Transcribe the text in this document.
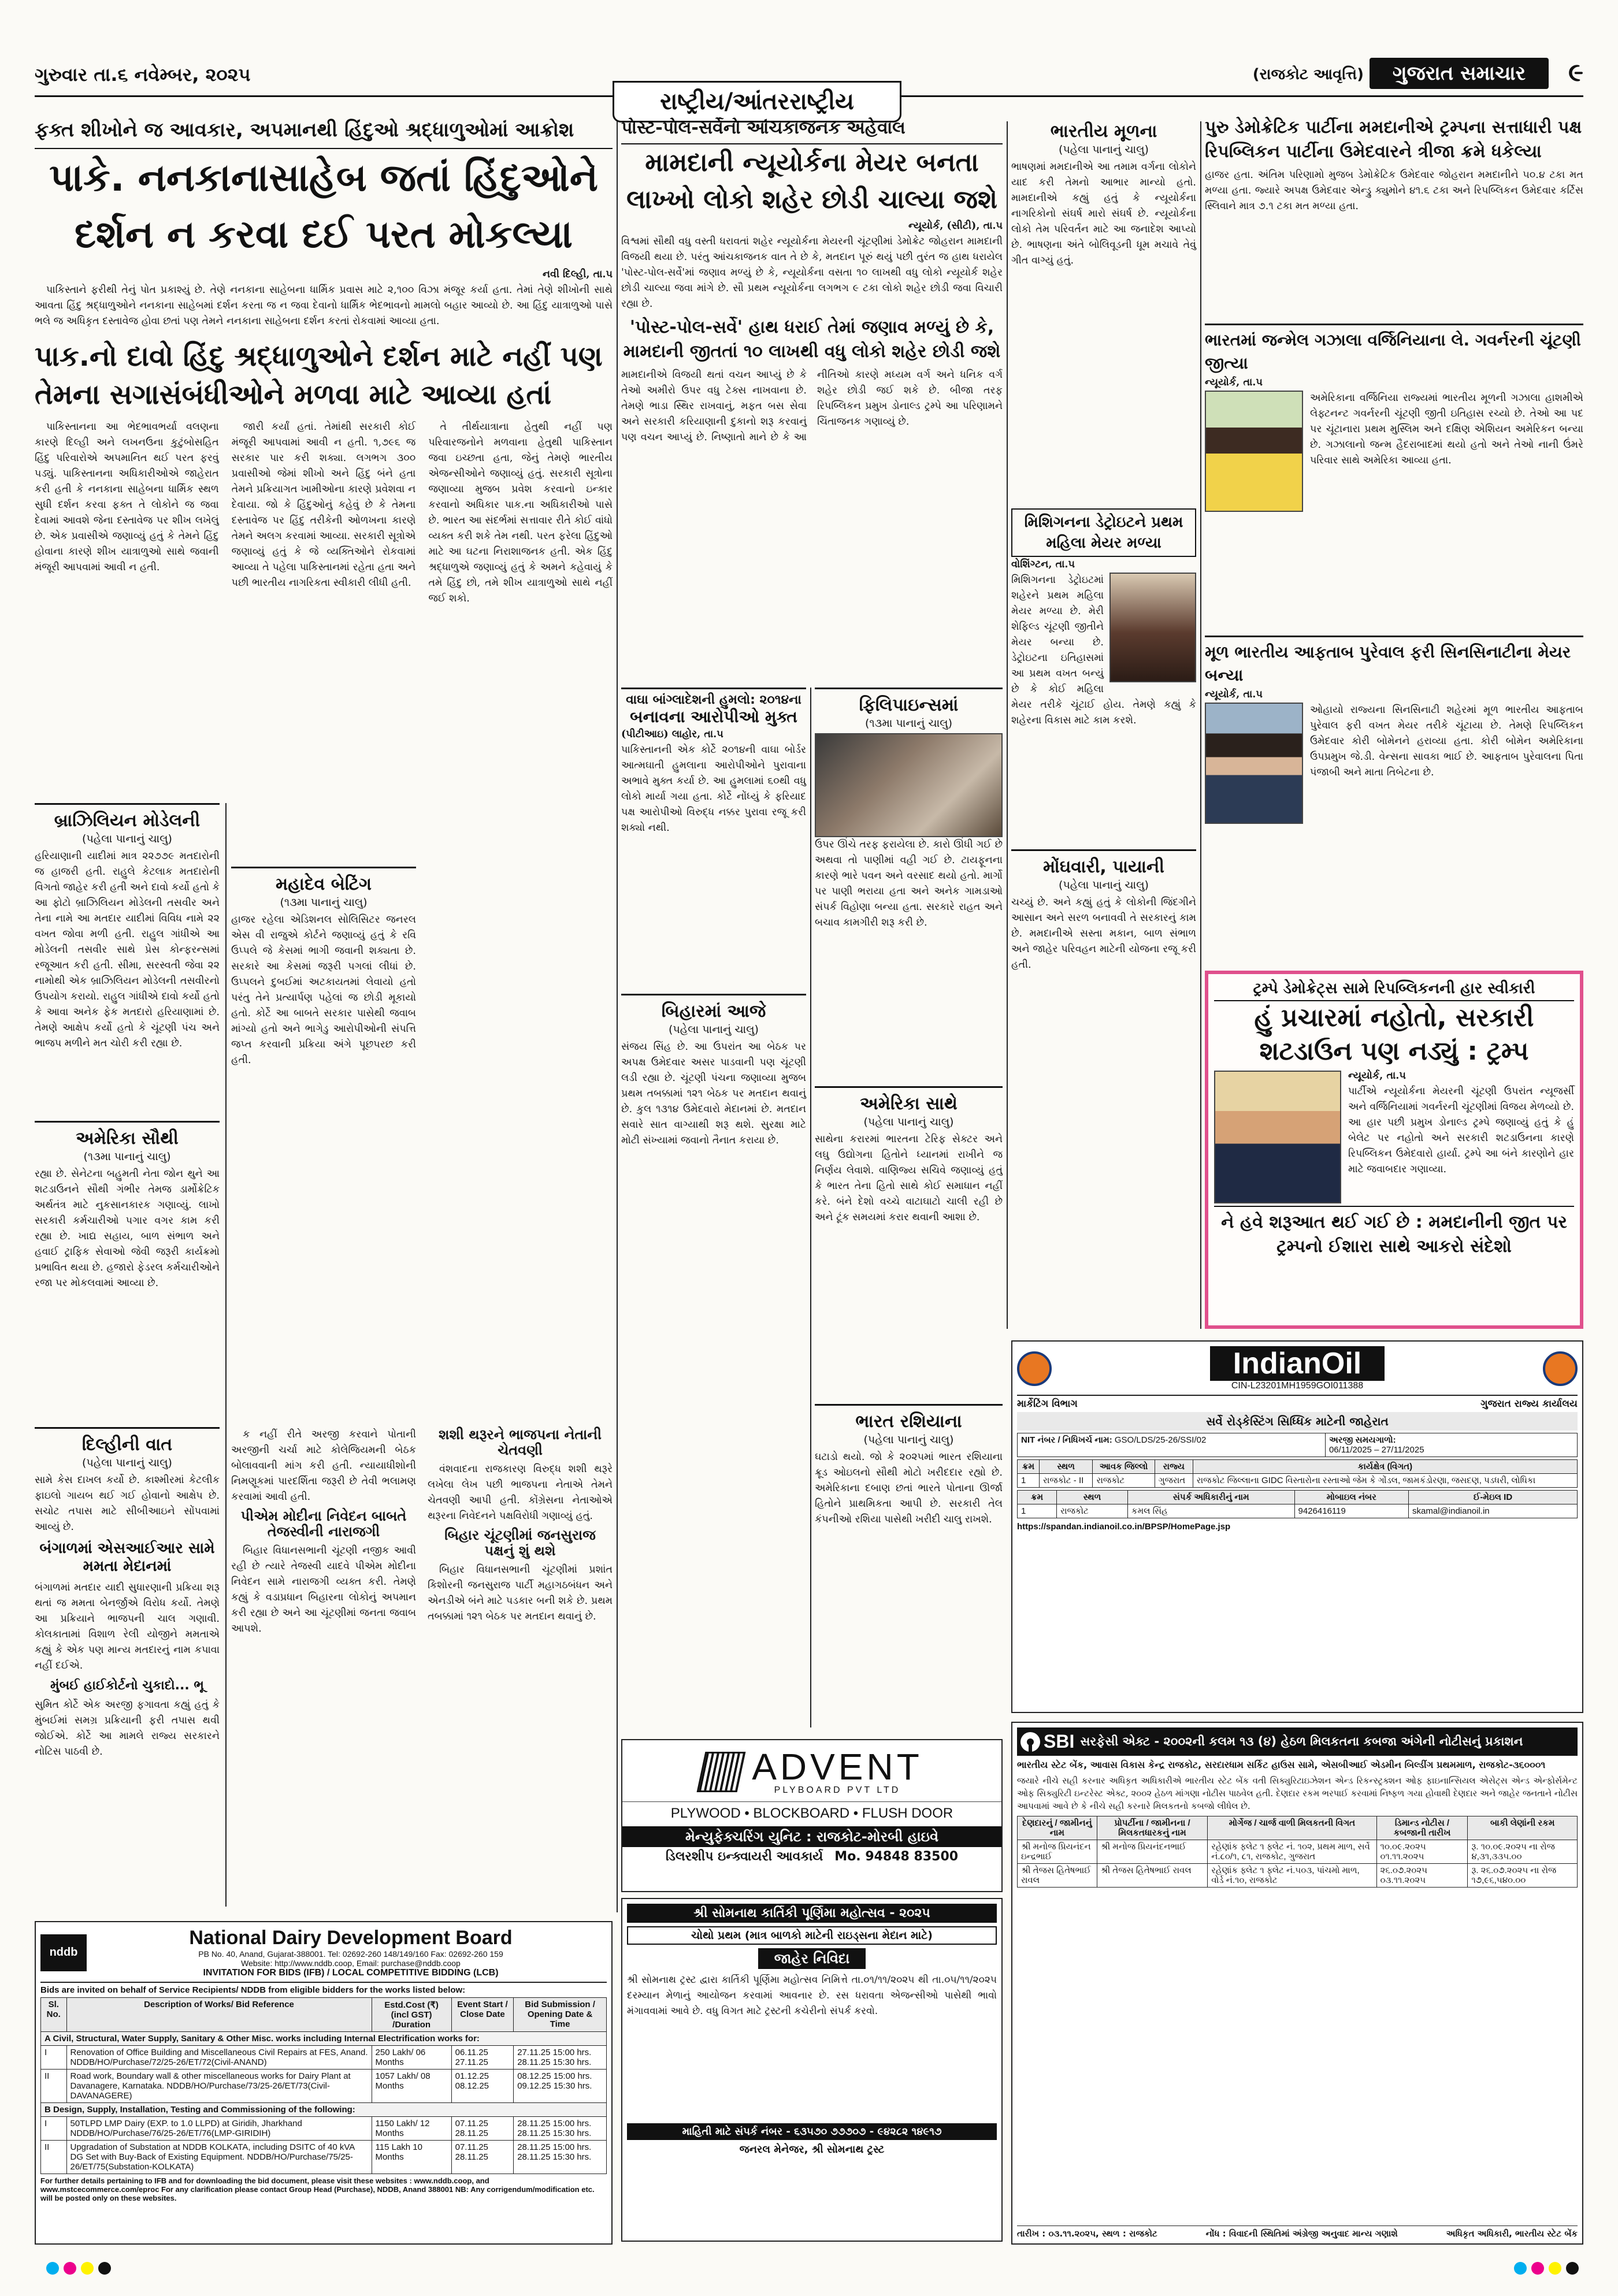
ગુરુવાર તા.૬ નવેમ્બર, ૨૦૨૫	(રાજકોટ આવૃત્તિ) ગુજરાત સમાચાર ૯
રાષ્ટ્રીય/આંતરરાષ્ટ્રીય
ફક્ત શીખોને જ આવકાર, અપમાનથી હિંદુઓ શ્રદ્ધાળુઓમાં આક્રોશ
પાકે. નનકાનાસાહેબ જતાં હિંદુઓને
દર્શન ન કરવા દઈ પરત મોકલ્યા
નવી દિલ્હી, તા.૫

પાકિસ્તાને ફરીથી તેનું પોત પ્રકાશ્યું છે. તેણે નનકાના સાહેબના ધાર્મિક પ્રવાસ માટે ૨,૧૦૦ વિઝા મંજૂર કર્યા હતા. તેમાં તેણે શીખોની સાથે આવતા હિંદુ શ્રદ્ધાળુઓને નનકાના સાહેબમાં દર્શન કરતા જ ન જવા દેવાનો ધાર્મિક ભેદભાવનો મામલો બહાર આવ્યો છે. આ હિંદુ યાત્રાળુઓ પાસે ભલે જ અધિકૃત દસ્તાવેજ હોવા છતાં પણ તેમને નનકાના સાહેબના દર્શન કરતાં રોકવામાં આવ્યા હતા.

પાક.નો દાવો હિંદુ શ્રદ્ધાળુઓને દર્શન માટે નહીં પણ તેમના સગાસંબંધીઓને મળવા માટે આવ્યા હતાં

પાકિસ્તાનના આ ભેદભાવભર્યા વલણના કારણે દિલ્હી અને લખનઉના કુટુંબોસહિત હિંદુ પરિવારોએ અપમાનિત થઈ પરત ફરવું પડ્યું. પાકિસ્તાનના અધિકારીઓએ જાહેરાત કરી હતી કે નનકાના સાહેબના ધાર્મિક સ્થળ સુધી દર્શન કરવા ફક્ત તે લોકોને જ જવા દેવામાં આવશે જેના દસ્તાવેજ પર શીખ લખેલું છે. એક પ્રવાસીએ જણાવ્યું હતું કે તેમને હિંદુ હોવાના કારણે શીખ યાત્રાળુઓ સાથે જવાની મંજૂરી આપવામાં આવી ન હતી.

જારી કર્યાં હતાં. તેમાંથી સરકારી કોઈ મંજૂરી આપવામાં આવી ન હતી. ૧,૭૯૬ જ સરકાર પાર કરી શક્યા. લગભગ ૩૦૦ પ્રવાસીઓ જેમાં શીખો અને હિંદુ બંને હતા તેમને પ્રક્રિયાગત ખામીઓના કારણે પ્રવેશવા ન દેવાયા. જો કે હિંદુઓનું કહેવું છે કે તેમના દસ્તાવેજ પર હિંદુ તરીકેની ઓળખના કારણે તેમને અલગ કરવામાં આવ્યા. સરકારી સૂત્રોએ જણાવ્યું હતું કે જે વ્યક્તિઓને રોકવામાં આવ્યા તે પહેલા પાકિસ્તાનમાં રહેતા હતા અને પછી ભારતીય નાગરિકતા સ્વીકારી લીધી હતી.

તે તીર્થયાત્રાના હેતુથી નહીં પણ પરિવારજનોને મળવાના હેતુથી પાકિસ્તાન જવા ઇચ્છતા હતા, જેનું તેમણે ભારતીય એજન્સીઓને જણાવ્યું હતું. સરકારી સૂત્રોના જણાવ્યા મુજબ પ્રવેશ કરવાનો ઇન્કાર કરવાનો અધિકાર પાક.ના અધિકારીઓ પાસે છે. ભારત આ સંદર્ભમાં સત્તાવાર રીતે કોઈ વાંધો વ્યક્ત કરી શકે તેમ નથી. પરત ફરેલા હિંદુઓ માટે આ ઘટના નિરાશાજનક હતી. એક હિંદુ શ્રદ્ધાળુએ જણાવ્યું હતું કે અમને કહેવાયું કે તમે હિંદુ છો, તમે શીખ યાત્રાળુઓ સાથે નહીં જઈ શકો.

બ્રાઝિલિયન મોડેલની
(પહેલા પાનાનું ચાલુ)

હરિયાણાની યાદીમાં માત્ર ૨૨૭૭૯ મતદારોની જ હાજરી હતી. રાહુલે કેટલાક મતદારોની વિગતો જાહેર કરી હતી અને દાવો કર્યો હતો કે આ ફોટો બ્રાઝિલિયન મોડેલની તસવીર અને તેના નામે આ મતદાર યાદીમાં વિવિધ નામે ૨૨ વખત જોવા મળી હતી. રાહુલ ગાંધીએ આ મોડેલની તસવીર સાથે પ્રેસ કોન્ફરન્સમાં રજૂઆત કરી હતી. સીમા, સરસ્વતી જેવા ૨૨ નામોથી એક બ્રાઝિલિયન મોડેલની તસવીરનો ઉપયોગ કરાયો. રાહુલ ગાંધીએ દાવો કર્યો હતો કે આવા અનેક ફેક મતદારો હરિયાણામાં છે. તેમણે આક્ષેપ કર્યો હતો કે ચૂંટણી પંચ અને ભાજપ મળીને મત ચોરી કરી રહ્યા છે.

મહાદેવ બેટિંગ
(૧૩મા પાનાનું ચાલુ)

હાજર રહેલા એડિશનલ સોલિસિટર જનરલ એસ વી રાજુએ કોર્ટને જણાવ્યું હતું કે રવિ ઉપ્પલે જે કેસમાં ભાગી જવાની શક્યતા છે. સરકારે આ કેસમાં જરૂરી પગલાં લીધાં છે. ઉપ્પલને દુબઈમાં અટકાયતમાં લેવાયો હતો પરંતુ તેને પ્રત્યાર્પણ પહેલાં જ છોડી મૂકાયો હતો. કોર્ટે આ બાબતે સરકાર પાસેથી જવાબ માંગ્યો હતો અને ભાગેડુ આરોપીઓની સંપત્તિ જપ્ત કરવાની પ્રક્રિયા અંગે પૂછપરછ કરી હતી.

અમેરિકા સૌથી
(૧૩મા પાનાનું ચાલુ)

રહ્યા છે. સેનેટના બહુમતી નેતા જોન થુને આ શટડાઉનને સૌથી ગંભીર તેમજ ડાર્મોક્રેટિક અર્થતંત્ર માટે નુકસાનકારક ગણાવ્યું. લાખો સરકારી કર્મચારીઓ પગાર વગર કામ કરી રહ્યા છે. ખાદ્ય સહાય, બાળ સંભાળ અને હવાઈ ટ્રાફિક સેવાઓ જેવી જરૂરી કાર્યક્રમો પ્રભાવિત થયા છે. હજારો ફેડરલ કર્મચારીઓને રજા પર મોકલવામાં આવ્યા છે.

દિલ્હીની વાત
(પહેલા પાનાનું ચાલુ)

સામે કેસ દાખલ કર્યો છે. કાશ્મીરમાં કેટલીક ફાઇલો ગાયબ થઈ ગઈ હોવાનો આક્ષેપ છે. સચોટ તપાસ માટે સીબીઆઇને સોંપવામાં આવ્યું છે.

બંગાળમાં એસઆઈઆર સામે મમતા મેદાનમાં

બંગાળમાં મતદાર યાદી સુધારણાની પ્રક્રિયા શરૂ થતાં જ મમતા બેનર્જીએ વિરોધ કર્યો. તેમણે આ પ્રક્રિયાને ભાજપની ચાલ ગણાવી. કોલકાતામાં વિશાળ રેલી યોજીને મમતાએ કહ્યું કે એક પણ માન્ય મતદારનું નામ કપાવા નહીં દઈએ.

મુંબઈ હાઈકોર્ટનો ચુકાદો... ભૂ

સુમિત કોર્ટે એક અરજી ફગાવતા કહ્યું હતું કે મુંબઈમાં સમગ્ર પ્રક્રિયાની ફરી તપાસ થવી જોઈએ. કોર્ટે આ મામલે રાજ્ય સરકારને નોટિસ પાઠવી છે.

ક નહીં રીતે અરજી કરવાને પોતાની અરજીની ચર્ચા માટે કોલેજિયમની બેઠક બોલાવવાની માંગ કરી હતી. ન્યાયાધીશોની નિમણૂકમાં પારદર્શિતા જરૂરી છે તેવી ભલામણ કરવામાં આવી હતી.

પીએમ મોદીના નિવેદન બાબતે તેજસ્વીની નારાજગી

બિહાર વિધાનસભાની ચૂંટણી નજીક આવી રહી છે ત્યારે તેજસ્વી યાદવે પીએમ મોદીના નિવેદન સામે નારાજગી વ્યક્ત કરી. તેમણે કહ્યું કે વડાપ્રધાન બિહારના લોકોનું અપમાન કરી રહ્યા છે અને આ ચૂંટણીમાં જનતા જવાબ આપશે.

શશી થરૂરને ભાજપના નેતાની ચેતવણી

વંશવાદના રાજકારણ વિરુદ્ધ શશી થરૂરે લખેલા લેખ પછી ભાજપના નેતાએ તેમને ચેતવણી આપી હતી. કોંગ્રેસના નેતાઓએ થરૂરના નિવેદનને પક્ષવિરોધી ગણાવ્યું હતું.

બિહાર ચૂંટણીમાં જનસુરાજ પક્ષનું શું થશે

બિહાર વિધાનસભાની ચૂંટણીમાં પ્રશાંત કિશોરની જનસુરાજ પાર્ટી મહાગઠબંધન અને એનડીએ બંને માટે પડકાર બની શકે છે. પ્રથમ તબક્કામાં ૧૨૧ બેઠક પર મતદાન થવાનું છે.

nddb
National Dairy Development Board
PB No. 40, Anand, Gujarat-388001. Tel: 02692-260 148/149/160 Fax: 02692-260 159
Website: http://www.nddb.coop, Email: purchase@nddb.coop
INVITATION FOR BIDS (IFB) / LOCAL COMPETITIVE BIDDING (LCB)
Bids are invited on behalf of Service Recipients/ NDDB from eligible bidders for the works listed below:
Sl. No.	Description of Works/ Bid Reference	Estd.Cost (₹) (incl GST) /Duration	Event Start / Close Date	Bid Submission / Opening Date & Time
A Civil, Structural, Water Supply, Sanitary & Other Misc. works including Internal Electrification works for:				
I	Renovation of Office Building and Miscellaneous Civil Repairs at FES, Anand. NDDB/HO/Purchase/72/25-26/ET/72(Civil-ANAND)	250 Lakh/ 06 Months	06.11.25 27.11.25	27.11.25 15:00 hrs. 28.11.25 15:30 hrs.
II	Road work, Boundary wall & other miscellaneous works for Dairy Plant at Davanagere, Karnataka. NDDB/HO/Purchase/73/25-26/ET/73(Civil-DAVANAGERE)	1057 Lakh/ 08 Months	01.12.25 08.12.25	08.12.25 15:00 hrs. 09.12.25 15:30 hrs.
B Design, Supply, Installation, Testing and Commissioning of the following:				
I	50TLPD LMP Dairy (EXP. to 1.0 LLPD) at Giridih, Jharkhand NDDB/HO/Purchase/76/25-26/ET/76(LMP-GIRIDIH)	1150 Lakh/ 12 Months	07.11.25 28.11.25	28.11.25 15:00 hrs. 28.11.25 15:30 hrs.
II	Upgradation of Substation at NDDB KOLKATA, including DSITC of 40 kVA DG Set with Buy-Back of Existing Equipment. NDDB/HO/Purchase/75/25-26/ET/75(Substation-KOLKATA)	115 Lakh 10 Months	07.11.25 28.11.25	28.11.25 15:00 hrs. 28.11.25 15:30 hrs.
For further details pertaining to IFB and for downloading the bid document, please visit these websites : www.nddb.coop, and www.mstcecommerce.com/eproc For any clarification please contact Group Head (Purchase), NDDB, Anand 388001 NB: Any corrigendum/modification etc. will be posted only on these websites.
પોસ્ટ-પોલ-સર્વેનો આંચકાજનક અહેવાલ
મામદાની ન્યૂયોર્કના મેયર બનતા લાખ્ખો લોકો શહેર છોડી ચાલ્યા જશે
ન્યૂયોર્ક, (સીટી), તા.૫

વિશ્વમાં સૌથી વધુ વસ્તી ધરાવતાં શહેર ન્યૂયોર્કના મેયરની ચૂંટણીમાં ડેમોક્રેટ જોહરાન મામદાની વિજયી થયા છે. પરંતુ આંચકાજનક વાત તે છે કે, મતદાન પૂરું થયું પછી તુરંત જ હાથ ધરાયેલ 'પોસ્ટ-પોલ-સર્વે'માં જણાવ મળ્યું છે કે, ન્યૂયોર્કના વસતા ૧૦ લાખથી વધુ લોકો ન્યૂયોર્ક શહેર છોડી ચાલ્યા જવા માંગે છે. સૌ પ્રથમ ન્યૂયોર્કના લગભગ ૯ ટકા લોકો શહેર છોડી જવા વિચારી રહ્યા છે.

'પોસ્ટ-પોલ-સર્વે' હાથ ધરાઈ તેમાં જણાવ મળ્યું છે કે, મામદાની જીતતાં ૧૦ લાખથી વધુ લોકો શહેર છોડી જશે

મામદાનીએ વિજયી થતાં વચન આપ્યું છે કે તેઓ અમીરો ઉપર વધુ ટેક્સ નાખવાના છે. તેમણે ભાડા સ્થિર રાખવાનું, મફત બસ સેવા અને સરકારી કરિયાણાની દુકાનો શરૂ કરવાનું પણ વચન આપ્યું છે. નિષ્ણાતો માને છે કે આ નીતિઓ કારણે મધ્યમ વર્ગ અને ધનિક વર્ગ શહેર છોડી જઈ શકે છે. બીજા તરફ રિપબ્લિકન પ્રમુખ ડોનાલ્ડ ટ્રમ્પે આ પરિણામને ચિંતાજનક ગણાવ્યું છે.

વાઘા બાંગ્લાદેશની હુમલો: ૨૦૧૪ના
બનાવના આરોપીઓ મુક્ત
(પીટીઆઇ) લાહોર, તા.૫

પાકિસ્તાનની એક કોર્ટે ૨૦૧૪ની વાઘા બોર્ડર આત્મઘાતી હુમલાના આરોપીઓને પુરાવાના અભાવે મુક્ત કર્યા છે. આ હુમલામાં ૬૦થી વધુ લોકો માર્યા ગયા હતા. કોર્ટે નોંધ્યું કે ફરિયાદ પક્ષ આરોપીઓ વિરુદ્ધ નક્કર પુરાવા રજૂ કરી શક્યો નથી.

ફિલિપાઇન્સમાં
(૧૩મા પાનાનું ચાલુ)

ઉપર ઊંચે તરફ ફરાયેલા છે. કારો ઊંધી ગઈ છે અથવા તો પાણીમાં વહી ગઈ છે. ટાયફૂનના કારણે ભારે પવન અને વરસાદ થયો હતો. માર્ગો પર પાણી ભરાયા હતા અને અનેક ગામડાઓ સંપર્ક વિહોણા બન્યા હતા. સરકારે રાહત અને બચાવ કામગીરી શરૂ કરી છે.

બિહારમાં આજે
(પહેલા પાનાનું ચાલુ)

સંજય સિંહ છે. આ ઉપરાંત આ બેઠક પર અપક્ષ ઉમેદવાર અસર પાડવાની પણ ચૂંટણી લડી રહ્યા છે. ચૂંટણી પંચના જણાવ્યા મુજબ પ્રથમ તબક્કામાં ૧૨૧ બેઠક પર મતદાન થવાનું છે. કુલ ૧૩૧૪ ઉમેદવારો મેદાનમાં છે. મતદાન સવારે સાત વાગ્યાથી શરૂ થશે. સુરક્ષા માટે મોટી સંખ્યામાં જવાનો તૈનાત કરાયા છે.

અમેરિકા સાથે
(પહેલા પાનાનું ચાલુ)

સાથેના કરારમાં ભારતના ટેરિફ સેક્ટર અને લઘુ ઉદ્યોગના હિતોને ધ્યાનમાં રાખીને જ નિર્ણય લેવાશે. વાણિજ્ય સચિવે જણાવ્યું હતું કે ભારત તેના હિતો સાથે કોઈ સમાધાન નહીં કરે. બંને દેશો વચ્ચે વાટાઘાટો ચાલી રહી છે અને ટૂંક સમયમાં કરાર થવાની આશા છે.

ભારત રશિયાના
(પહેલા પાનાનું ચાલુ)

ઘટાડો થયો. જો કે ૨૦૨૫માં ભારત રશિયાના ક્રૂડ ઓઇલનો સૌથી મોટો ખરીદદાર રહ્યો છે. અમેરિકાના દબાણ છતાં ભારતે પોતાના ઊર્જા હિતોને પ્રાથમિકતા આપી છે. સરકારી તેલ કંપનીઓ રશિયા પાસેથી ખરીદી ચાલુ રાખશે.

ADVENT
PLYBOARD PVT LTD
PLYWOOD • BLOCKBOARD • FLUSH DOOR
મેન્યુફેક્ચરિંગ યુનિટ : રાજકોટ-મોરબી હાઇવે
ડિલરશીપ ઇન્ક્વાયરી આવકાર્ય Mo. 94848 83500
શ્રી સોમનાથ કાર્તિકી પૂર્ણિમા મહોત્સવ - ૨૦૨૫
ચોથો પ્રથમ (માત્ર બાળકો માટેની રાઇડ્સના મેદાન માટે)
જાહેર નિવિદા

શ્રી સોમનાથ ટ્રસ્ટ દ્વારા કાર્તિકી પૂર્ણિમા મહોત્સવ નિમિત્તે તા.૦૧/૧૧/૨૦૨૫ થી તા.૦૫/૧૧/૨૦૨૫ દરમ્યાન મેળાનું આયોજન કરવામાં આવનાર છે. રસ ધરાવતા એજન્સીઓ પાસેથી ભાવો મંગાવવામાં આવે છે. વધુ વિગત માટે ટ્રસ્ટની કચેરીનો સંપર્ક કરવો.

માહિતી માટે સંપર્ક નંબર - ૬૩૫૭૦ ૭૭૭૦૭ - ૯૪૨૮૨ ૧૪૯૧૭
જનરલ મેનેજર, શ્રી સોમનાથ ટ્રસ્ટ
ભારતીય મૂળના
(પહેલા પાનાનું ચાલુ)

ભાષણમાં મમદાનીએ આ તમામ વર્ગના લોકોને યાદ કરી તેમનો આભાર માન્યો હતો. મામદાનીએ કહ્યું હતું કે ન્યૂયોર્કના નાગરિકોનો સંઘર્ષ મારો સંઘર્ષ છે. ન્યૂયોર્કના લોકો તેમ પરિવર્તન માટે આ જનાદેશ આપ્યો છે. ભાષણના અંતે બોલિવૂડની ધૂમ મચાવે તેવું ગીત વાગ્યું હતું.

મિશિગનના ડેટ્રોઇટને પ્રથમ મહિલા મેયર મળ્યા
વોશિંગ્ટન, તા.૫

મિશિગનના ડેટ્રોઇટમાં શહેરને પ્રથમ મહિલા મેયર મળ્યા છે. મેરી શેફિલ્ડ ચૂંટણી જીતીને મેયર બન્યા છે. ડેટ્રોઇટના ઇતિહાસમાં આ પ્રથમ વખત બન્યું છે કે કોઈ મહિલા મેયર તરીકે ચૂંટાઈ હોય. તેમણે કહ્યું કે શહેરના વિકાસ માટે કામ કરશે.

મોંઘવારી, પાયાની
(પહેલા પાનાનું ચાલુ)

ચચ્યું છે. અને કહ્યું હતું કે લોકોની જિંદગીને આસાન અને સરળ બનાવવી તે સરકારનું કામ છે. મમદાનીએ સસ્તા મકાન, બાળ સંભાળ અને જાહેર પરિવહન માટેની યોજના રજૂ કરી હતી.

પુરુ ડેમોક્રેટિક પાર્ટીના મમદાનીએ ટ્રમ્પના સત્તાધારી પક્ષ રિપબ્લિકન પાર્ટીના ઉમેદવારને ત્રીજા ક્રમે ધકેલ્યા

હાજર હતા. અંતિમ પરિણામો મુજબ ડેમોક્રેટિક ઉમેદવાર જોહરાન મમદાનીને ૫૦.૪ ટકા મત મળ્યા હતા. જ્યારે અપક્ષ ઉમેદવાર એન્ડ્રુ ક્યુમોને ૪૧.૬ ટકા અને રિપબ્લિકન ઉમેદવાર કર્ટિસ સ્લિવાને માત્ર ૭.૧ ટકા મત મળ્યા હતા.

ભારતમાં જન્મેલ ગઝાલા વર્જિનિયાના લે. ગવર્નરની ચૂંટણી જીત્યા
ન્યૂયોર્ક, તા.૫

અમેરિકાના વર્જિનિયા રાજ્યમાં ભારતીય મૂળની ગઝાલા હાશમીએ લેફ્ટનન્ટ ગવર્નરની ચૂંટણી જીતી ઇતિહાસ રચ્યો છે. તેઓ આ પદ પર ચૂંટાનારા પ્રથમ મુસ્લિમ અને દક્ષિણ એશિયન અમેરિકન બન્યા છે. ગઝાલાનો જન્મ હૈદરાબાદમાં થયો હતો અને તેઓ નાની ઉંમરે પરિવાર સાથે અમેરિકા આવ્યા હતા.

મૂળ ભારતીય આફતાબ પુરેવાલ ફરી સિનસિનાટીના મેયર બન્યા
ન્યૂયોર્ક, તા.૫

ઓહાયો રાજ્યના સિનસિનાટી શહેરમાં મૂળ ભારતીય આફતાબ પુરેવાલ ફરી વખત મેયર તરીકે ચૂંટાયા છે. તેમણે રિપબ્લિકન ઉમેદવાર કોરી બોમેનને હરાવ્યા હતા. કોરી બોમેન અમેરિકાના ઉપપ્રમુખ જે.ડી. વેન્સના સાવકા ભાઈ છે. આફતાબ પુરેવાલના પિતા પંજાબી અને માતા તિબેટના છે.

ટ્રમ્પે ડેમોક્રેટ્સ સામે રિપબ્લિકનની હાર સ્વીકારી
હું પ્રચારમાં નહોતો, સરકારી શટડાઉન પણ નડ્યું : ટ્રમ્પ
ન્યૂયોર્ક, તા.૫

પાર્ટીએ ન્યૂયોર્કના મેયરની ચૂંટણી ઉપરાંત ન્યૂજર્સી અને વર્જિનિયામાં ગવર્નરની ચૂંટણીમાં વિજય મેળવ્યો છે. આ હાર પછી પ્રમુખ ડોનાલ્ડ ટ્રમ્પે જણાવ્યું હતું કે હું બેલેટ પર નહોતો અને સરકારી શટડાઉનના કારણે રિપબ્લિકન ઉમેદવારો હાર્યા. ટ્રમ્પે આ બંને કારણોને હાર માટે જવાબદાર ગણાવ્યા.

ને હવે શરૂઆત થઈ ગઈ છે : મમદાનીની જીત પર ટ્રમ્પનો ઈશારા સાથે આકરો સંદેશો
IndianOil
CIN-L23201MH1959GOI011388
માર્કેટિંગ વિભાગ	ગુજરાત રાજ્ય કાર્યાલય
સર્વે રોડ્કેસ્ટિંગ સિધ્ધિક માટેની જાહેરાત
NIT નંબર / નિધિખર્ચ નામ: GSO/LDS/25-26/SSI/02	અરજી સમયગાળો:
06/11/2025 – 27/11/2025
ક્રમ	સ્થળ	આવક જિલ્લો	રાજ્ય	કાર્યક્ષેત્ર (વિગત)
1	રાજકોટ - II	રાજકોટ	ગુજરાત	રાજકોટ જિલ્લાના GIDC વિસ્તારોના રસ્તાઓ જેમ કે ગોંડલ, જામકંડોરણા, જસદણ, પડધરી, લોધિકા
ક્રમ	સ્થળ	સંપર્ક અધિકારીનું નામ	મોબાઇલ નંબર	ઈ-મેઇલ ID
1	રાજકોટ	કમલ સિંહ	9426416119	skamal@indianoil.in
https://spandan.indianoil.co.in/BPSP/HomePage.jsp
SBI સરફેસી એક્ટ - ૨૦૦૨ની કલમ ૧૩ (૪) હેઠળ મિલકતના કબજા અંગેની નોટીસનું પ્રકાશન
ભારતીય સ્ટેટ બેંક, આવાસ વિકાસ કેન્દ્ર રાજકોટ, સરદારધામ સર્કિટ હાઉસ સામે, એસબીઆઈ એડમીન બિલ્ડીંગ પ્રથમમાળ, રાજકોટ-૩૬૦૦૦૧

જયારે નીચે સહી કરનાર અધિકૃત અધિકારીએ ભારતીય સ્ટેટ બેંક વતી સિક્યુરિટાઇઝેશન એન્ડ રિકન્સ્ટ્રક્શન ઓફ ફાઇનાન્સિયલ એસેટ્સ એન્ડ એન્ફોર્સમેન્ટ ઓફ સિક્યુરિટી ઇન્ટરેસ્ટ એક્ટ, ૨૦૦૨ હેઠળ માંગણા નોટીસ પાઠવેલ હતી. દેણદાર રકમ ભરપાઈ કરવામાં નિષ્ફળ ગયા હોવાથી દેણદાર અને જાહેર જનતાને નોટીસ આપવામાં આવે છે કે નીચે સહી કરનારે મિલકતનો કબજો લીધેલ છે.

દેણદારનું / જામીનનું નામ	પ્રોપર્ટીના / જામીનના / મિલકતધારકનું નામ	મોર્ગેજ / ચાર્જ વાળી મિલકતની વિગત	ડિમાન્ડ નોટીસ / કબજાની તારીખ	બાકી લેણાંની રકમ
શ્રી મનોજ પ્રિયનંદન ઇન્દ્રભાઈ	શ્રી મનોજ પ્રિયનંદનભાઈ	રહેણાંક ફ્લેટ ૧ ફ્લેટ નં. ૧૦૨, પ્રથમ માળ, સર્વે નં.૮૦/૧, ૮૧, રાજકોટ, ગુજરાત	૧૦.૦૯.૨૦૨૫ ૦૧.૧૧.૨૦૨૫	રૂ. ૧૦.૦૯.૨૦૨૫ ના રોજ ૪,૩૧,૩૩૫.૦૦
શ્રી તેજસ હિતેષભાઈ રાવલ	શ્રી તેજસ હિતેષભાઈ રાવલ	રહેણાંક ફ્લેટ ૧ ફ્લેટ નં.૫૦૩, પાંચમો માળ, વોર્ડ નં.૧૦, રાજકોટ	૨૬.૦૭.૨૦૨૫ ૦૩.૧૧.૨૦૨૫	રૂ. ૨૬.૦૭.૨૦૨૫ ના રોજ ૧૭,૯૬,૫૪૦.૦૦
તારીખ : ૦૩.૧૧.૨૦૨૫, સ્થળ : રાજકોટ	નોંધ : વિવાદની સ્થિતિમાં અંગ્રેજી અનુવાદ માન્ય ગણાશે	અધિકૃત અધિકારી, ભારતીય સ્ટેટ બેંક
